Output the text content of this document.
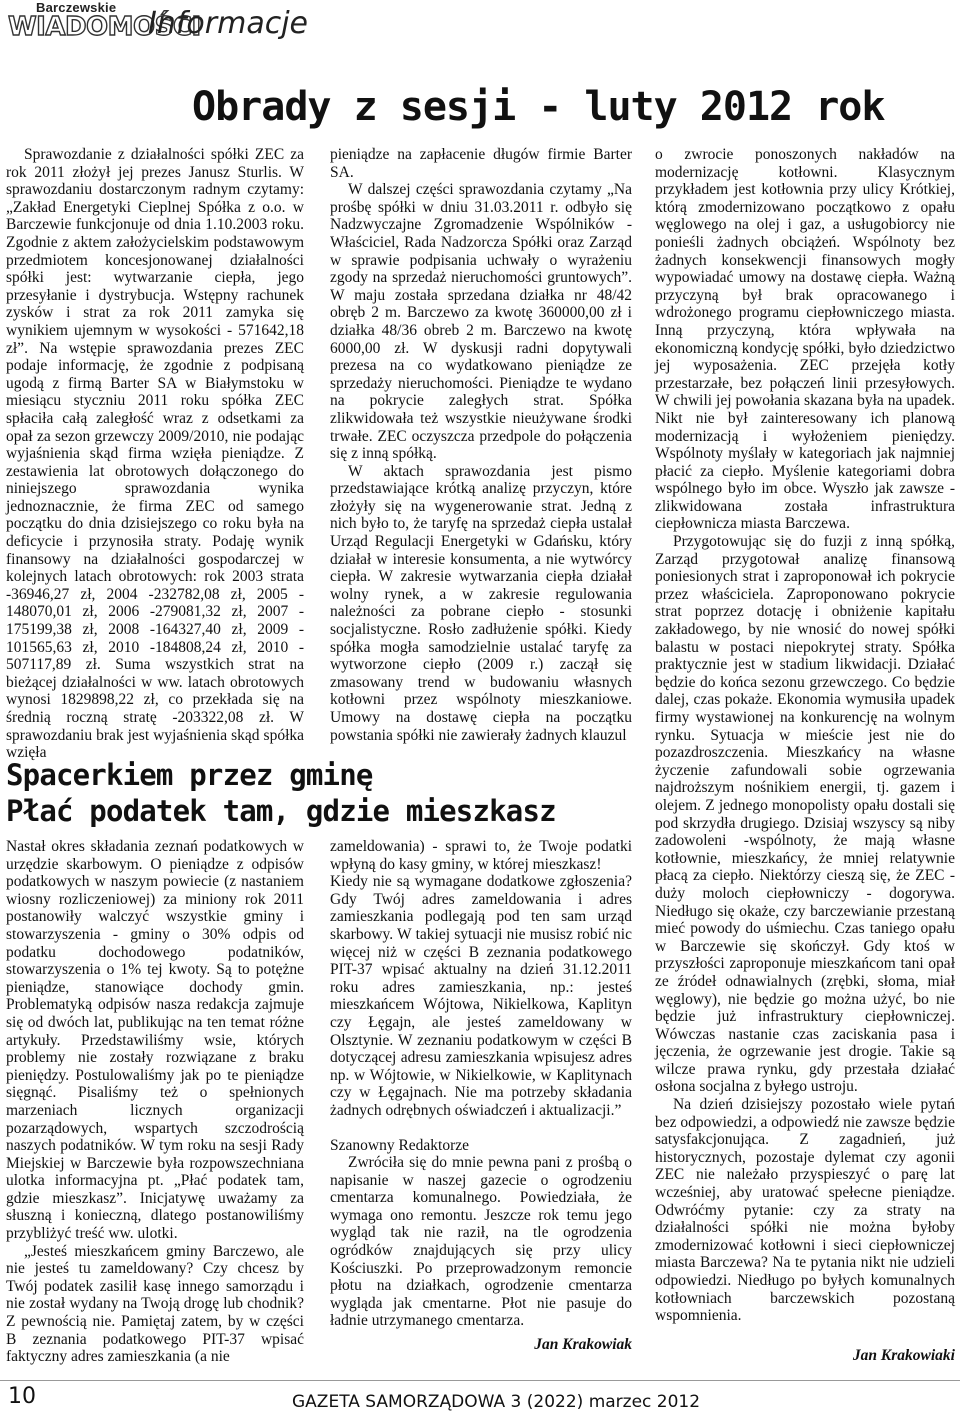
Barczewskie
WIADOMOŚCI
Informacje
Obrady z sesji - luty 2012 rok

Sprawozdanie z działalności spółki ZEC za rok 2011 złożył jej prezes Janusz Sturlis. W sprawozdaniu dostarczonym radnym czytamy: „Zakład Energetyki Cieplnej Spółka z o.o. w Barczewie funkcjonuje od dnia 1.10.2003 roku. Zgodnie z aktem założycielskim podstawowym przedmiotem koncesjonowanej działalności spółki jest: wytwarzanie ciepła, jego przesyłanie i dystrybucja. Wstępny rachunek zysków i strat za rok 2011 zamyka się wynikiem ujemnym w wysokości - 571642,18 zł”. Na wstępie sprawozdania prezes ZEC podaje informację, że zgodnie z podpisaną ugodą z firmą Barter SA w Białymstoku w miesiącu styczniu 2011 roku spółka ZEC spłaciła całą zaległość wraz z odsetkami za opał za sezon grzewczy 2009/2010, nie podając wyjaśnienia skąd firma wzięła pieniądze. Z zestawienia lat obrotowych dołączonego do niniejszego sprawozdania wynika jednoznacznie, że firma ZEC od samego początku do dnia dzisiejszego co roku była na deficycie i przynosiła straty. Podaję wynik finansowy na działalności gospodarczej w kolejnych latach obrotowych: rok 2003 strata -36946,27 zł, 2004 -232782,08 zł, 2005 - 148070,01 zł, 2006 -279081,32 zł, 2007 - 175199,38 zł, 2008 -164327,40 zł, 2009 - 101565,63 zł, 2010 -184808,24 zł, 2010 - 507117,89 zł. Suma wszystkich strat na bieżącej działalności w ww. latach obrotowych wynosi 1829898,22 zł, co przekłada się na średnią roczną stratę -203322,08 zł. W sprawozdaniu brak jest wyjaśnienia skąd spółka wzięła

pieniądze na zapłacenie długów firmie Barter SA.

W dalszej części sprawozdania czytamy „Na prośbę spółki w dniu 31.03.2011 r. odbyło się Nadzwyczajne Zgromadzenie Wspólników - Właściciel, Rada Nadzorcza Spółki oraz Zarząd w sprawie podpisania uchwały o wyrażeniu zgody na sprzedaż nieruchomości gruntowych”. W maju została sprzedana działka nr 48/42 obręb 2 m. Barczewo za kwotę 360000,00 zł i działka 48/36 obreb 2 m. Barczewo na kwotę 6000,00 zł. W dyskusji radni dopytywali prezesa na co wydatkowano pieniądze ze sprzedaży nieruchomości. Pieniądze te wydano na pokrycie zaległych strat. Spółka zlikwidowała też wszystkie nieużywane środki trwałe. ZEC oczyszcza przedpole do połączenia się z inną spółką.

W aktach sprawozdania jest pismo przedstawiające krótką analizę przyczyn, które złożyły się na wygenerowanie strat. Jedną z nich było to, że taryfę na sprzedaż ciepła ustalał Urząd Regulacji Energetyki w Gdańsku, który działał w interesie konsumenta, a nie wytwórcy ciepła. W zakresie wytwarzania ciepła działał wolny rynek, a w zakresie regulowania należności za pobrane ciepło - stosunki socjalistyczne. Rosło zadłużenie spółki. Kiedy spółka mogła samodzielnie ustalać taryfę za wytworzone ciepło (2009 r.) zaczął się zmasowany trend w budowaniu własnych kotłowni przez wspólnoty mieszkaniowe. Umowy na dostawę ciepła na początku powstania spółki nie zawierały żadnych klauzul

o zwrocie ponoszonych nakładów na modernizację kotłowni. Klasycznym przykładem jest kotłownia przy ulicy Krótkiej, którą zmodernizowano początkowo z opału węglowego na olej i gaz, a usługobiorcy nie ponieśli żadnych obciążeń. Wspólnoty bez żadnych konsekwencji finansowych mogły wypowiadać umowy na dostawę ciepła. Ważną przyczyną był brak opracowanego i wdrożonego programu ciepłowniczego miasta. Inną przyczyną, która wpływała na ekonomiczną kondycję spółki, było dziedzictwo jej wyposażenia. ZEC przejęła kotły przestarzałe, bez połączeń linii przesyłowych. W chwili jej powołania skazana była na upadek. Nikt nie był zainteresowany ich planową modernizacją i wyłożeniem pieniędzy. Wspólnoty myślały w kategoriach jak najmniej płacić za ciepło. Myślenie kategoriami dobra wspólnego było im obce. Wyszło jak zawsze - zlikwidowana została infrastruktura ciepłownicza miasta Barczewa.

Przygotowując się do fuzji z inną spółką, Zarząd przygotował analizę finansową poniesionych strat i zaproponował ich pokrycie przez właściciela. Zaproponowano pokrycie strat poprzez dotację i obniżenie kapitału zakładowego, by nie wnosić do nowej spółki balastu w postaci niepokrytej straty. Spółka praktycznie jest w stadium likwidacji. Działać będzie do końca sezonu grzewczego. Co będzie dalej, czas pokaże. Ekonomia wymusiła upadek firmy wystawionej na konkurencję na wolnym rynku. Sytuacja w mieście jest nie do pozazdroszczenia. Mieszkańcy na własne życzenie zafundowali sobie ogrzewania najdroższym nośnikiem energii, tj. gazem i olejem. Z jednego monopolisty opału dostali się pod skrzydła drugiego. Dzisiaj wszyscy są niby zadowoleni -wspólnoty, że mają własne kotłownie, mieszkańcy, że mniej relatywnie płacą za ciepło. Niektórzy cieszą się, że ZEC - duży moloch ciepłowniczy - dogorywa. Niedługo się okaże, czy barczewianie przestaną mieć powody do uśmiechu. Czas taniego opału w Barczewie się skończył. Gdy ktoś w przyszłości zaproponuje mieszkańcom tani opał ze źródeł odnawialnych (zrębki, słoma, miał węglowy), nie będzie go można użyć, bo nie będzie już infrastruktury ciepłowniczej. Wówczas nastanie czas zaciskania pasa i jęczenia, że ogrzewanie jest drogie. Takie są wilcze prawa rynku, gdy przestała działać osłona socjalna z byłego ustroju.

Na dzień dzisiejszy pozostało wiele pytań bez odpowiedzi, a odpowiedź nie zawsze będzie satysfakcjonująca. Z zagadnień, już historycznych, pozostaje dylemat czy agonii ZEC nie należało przyspieszyć o parę lat wcześniej, aby uratować spełecne pieniądze. Odwróćmy pytanie: czy za straty na działalności spółki nie można byłoby zmodernizować kotłowni i sieci ciepłowniczej miasta Barczewa? Na te pytania nikt nie udzieli odpowiedzi. Niedługo po byłych komunalnych kotłowniach barczewskich pozostaną wspomnienia.

Jan Krakowiaki
Spacerkiem przez gminę
Płać podatek tam, gdzie mieszkasz

Nastał okres składania zeznań podatkowych w urzędzie skarbowym. O pieniądze z odpisów podatkowych w naszym powiecie (z nastaniem wiosny rozliczeniowej) za miniony rok 2011 postanowiły walczyć wszystkie gminy i stowarzyszenia - gminy o 30% odpis od podatku dochodowego podatników, stowarzyszenia o 1% tej kwoty. Są to potężne pieniądze, stanowiące dochody gmin. Problematyką odpisów nasza redakcja zajmuje się od dwóch lat, publikując na ten temat różne artykuły. Przedstawiliśmy wsie, których problemy nie zostały rozwiązane z braku pieniędzy. Postulowaliśmy jak po te pieniądze sięgnąć. Pisaliśmy też o spełnionych marzeniach licznych organizacji pozarządowych, wspartych szczodrością naszych podatników. W tym roku na sesji Rady Miejskiej w Barczewie była rozpowszechniana ulotka informacyjna pt. „Płać podatek tam, gdzie mieszkasz”. Inicjatywę uważamy za słuszną i konieczną, dlatego postanowiliśmy przybliżyć treść ww. ulotki.

„Jesteś mieszkańcem gminy Barczewo, ale nie jesteś tu zameldowany? Czy chcesz by Twój podatek zasilił kasę innego samorządu i nie został wydany na Twoją drogę lub chodnik? Z pewnością nie. Pamiętaj zatem, by w części B zeznania podatkowego PIT-37 wpisać faktyczny adres zamieszkania (a nie

zameldowania) - sprawi to, że Twoje podatki wpłyną do kasy gminy, w której mieszkasz!

Kiedy nie są wymagane dodatkowe zgłoszenia? Gdy Twój adres zameldowania i adres zamieszkania podlegają pod ten sam urząd skarbowy. W takiej sytuacji nie musisz robić nic więcej niż w części B zeznania podatkowego PIT-37 wpisać aktualny na dzień 31.12.2011 roku adres zamieszkania, np.: jesteś mieszkańcem Wójtowa, Nikielkowa, Kaplityn czy Łęgajn, ale jesteś zameldowany w Olsztynie. W zeznaniu podatkowym w części B dotyczącej adresu zamieszkania wpisujesz adres np. w Wójtowie, w Nikielkowie, w Kaplitynach czy w Łęgajnach. Nie ma potrzeby składania żadnych odrębnych oświadczeń i aktualizacji.”

Szanowny Redaktorze

Zwróciła się do mnie pewna pani z prośbą o napisanie w naszej gazecie o ogrodzeniu cmentarza komunalnego. Powiedziała, że wymaga ono remontu. Jeszcze rok temu jego wygląd tak nie raził, na tle ogrodzenia ogródków znajdujących się przy ulicy Kościuszki. Po przeprowadzonym remoncie płotu na działkach, ogrodzenie cmentarza wygląda jak cmentarne. Płot nie pasuje do ładnie utrzymanego cmentarza.

Jan Krakowiak
10	GAZETA SAMORZĄDOWA 3 (2022) marzec 2012
